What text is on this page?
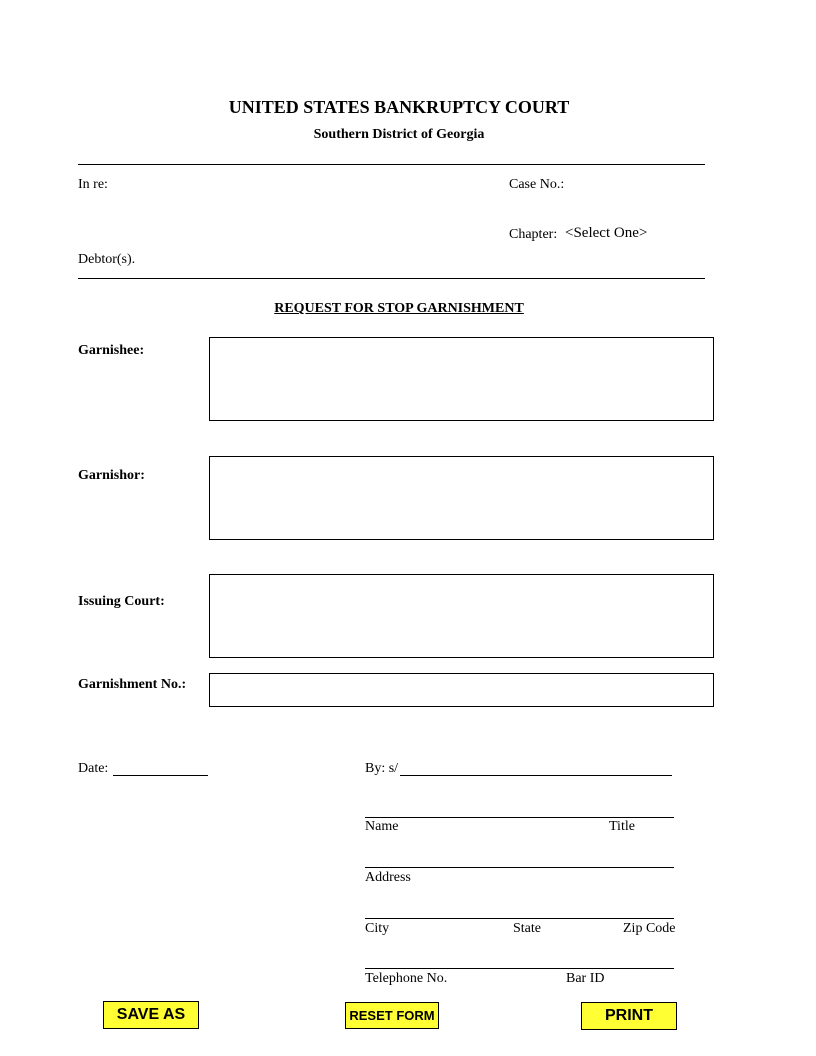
UNITED STATES BANKRUPTCY COURT
Southern District of Georgia
In re:	Case No.:
Chapter: <Select One>
Debtor(s).
REQUEST FOR STOP GARNISHMENT
Garnishee:
Garnishor:
Issuing Court:
Garnishment No.:
Date:	By: s/
Name	Title
Address
City	State	Zip Code
Telephone No.	Bar ID
SAVE AS	RESET FORM	PRINT
